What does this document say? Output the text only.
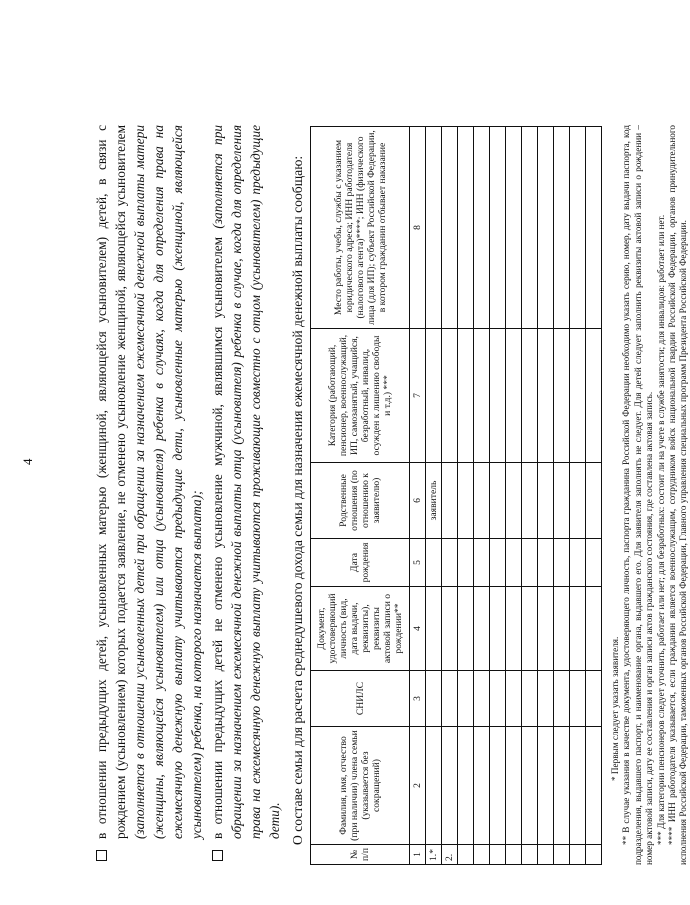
4	в отношении предыдущих детей, усыновленных матерью (женщиной, являющейся усыновителем) детей, в связи с рождением (усыновлением) которых подается заявление, не отменено усыновление женщиной, являющейся усыновителем (заполняется в отношении усыновленных детей при обращении за назначением ежемесячной денежной выплаты матери (женщины, являющейся усыновителем) или отца (усыновителя) ребенка в случаях, когда для определения права на ежемесячную денежную выплату учитываются предыдущие дети, усыновленные матерью (женщиной, являющейся усыновителем) ребенка, на которого назначается выплата); в отношении предыдущих детей не отменено усыновление мужчиной, являвшимся усыновителем (заполняется при обращении за назначением ежемесячной денежной выплаты отца (усыновителя) ребенка в случае, когда для определения права на ежемесячную денежную выплату учитываются проживающие совместно с отцом (усыновителем) предыдущие дети). О составе семьи для расчета среднедушевого дохода семьи для назначения ежемесячной денежной выплаты сообщаю:
№ п/п	Фамилия, имя, отчество (при наличии) члена семьи (указывается без сокращений)	СНИЛС	Документ, удостоверяющий личность (вид, дата выдачи, реквизиты), реквизиты актовой записи о рождении**	Дата рождения	Родственные отношения (по отношению к заявителю)	Категория (работающий, пенсионер, военнослужащий, ИП, самозанятый, учащийся, безработный, инвалид, осужден к лишению свободы и т.д.) ***	Место работы, учебы, службы с указанием юридического адреса; ИНН работодателя (налогового агента)****; ИНН (физического лица (для ИП); субъект Российской Федерации, в котором гражданин отбывает наказание
1	2	3	4	5	6	7	8
1.*					заявитель		
2.							

* Первым следует указать заявителя. ** В случае указания в качестве документа, удостоверяющего личность, паспорта гражданина Российской Федерации необходимо указать серию, номер, дату выдачи паспорта, код подразделения, выдавшего паспорт, и наименование органа, выдавшего его. Для заявителя заполнять не следует. Для детей следует заполнить реквизиты актовой записи о рождении – номер актовой записи, дату ее составления и орган записи актов гражданского состояния, где составлена актовая запись. *** Для категории пенсионеров следует уточнить, работает или нет; для безработных: состоит ли на учете в службе занятости; для инвалидов: работает или нет. **** ИНН работодателя указывается, если гражданин является военнослужащим, сотрудником войск национальной гвардии Российской Федерации, органов принудительного исполнения Российской Федерации, таможенных органов Российской Федерации, Главного управления специальных программ Президента Российской Федерации.
